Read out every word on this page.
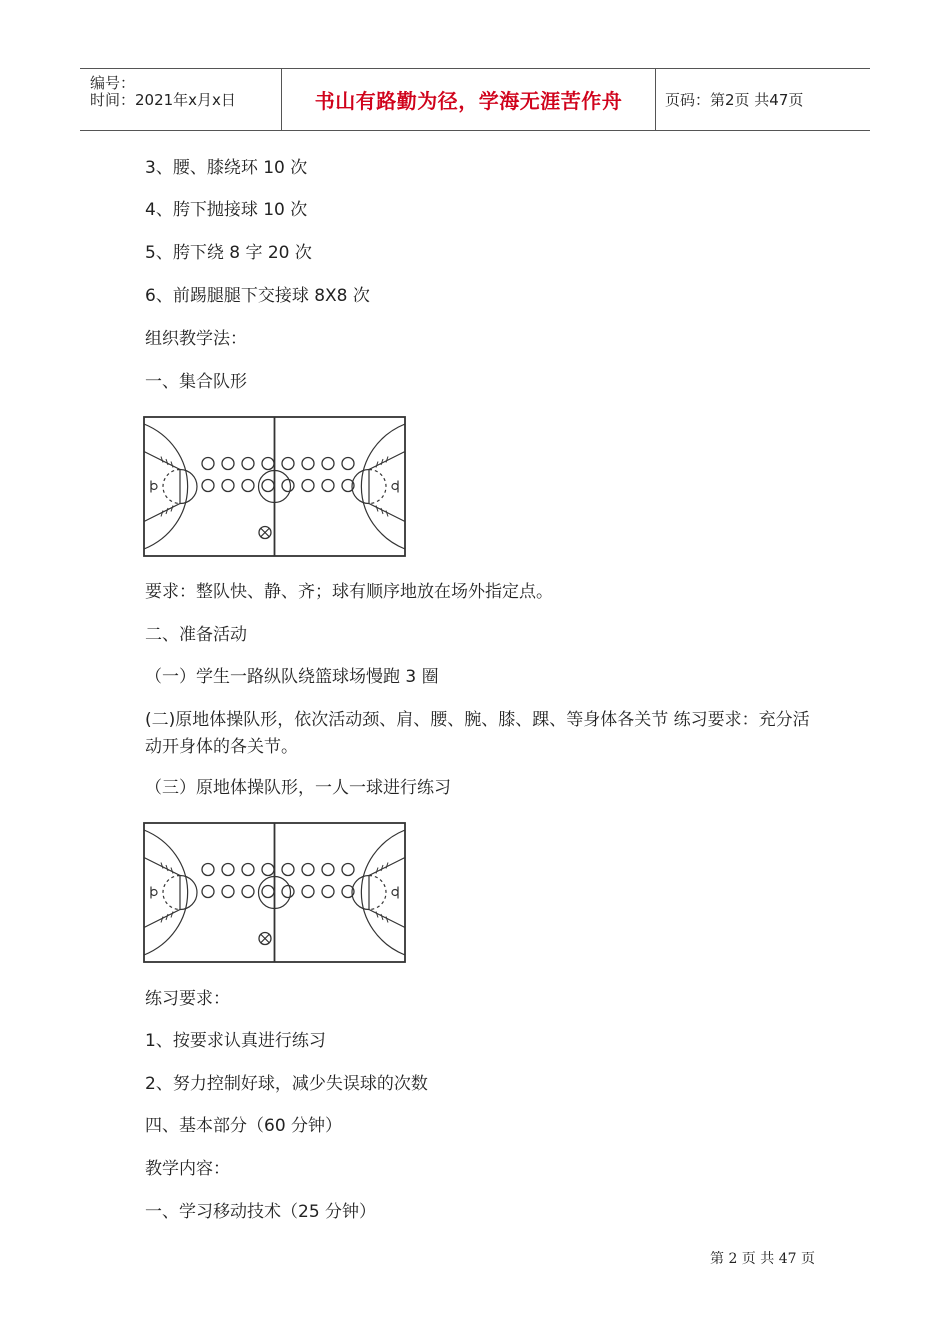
编号：
时间：2021年x月x日	书山有路勤为径，学海无涯苦作舟	页码：第2页 共47页
3、腰、膝绕环 10 次
4、胯下抛接球 10 次
5、胯下绕 8 字 20 次
6、前踢腿腿下交接球 8X8 次
组织教学法：
一、集合队形
要求：整队快、静、齐；球有顺序地放在场外指定点。
二、准备活动
（一）学生一路纵队绕篮球场慢跑 3 圈
(二)原地体操队形，依次活动颈、肩、腰、腕、膝、踝、等身体各关节 练习要求：充分活动开身体的各关节。
（三）原地体操队形，一人一球进行练习
练习要求：
1、按要求认真进行练习
2、努力控制好球，减少失误球的次数
四、基本部分（60 分钟）
教学内容：
一、学习移动技术（25 分钟）
第 2 页 共 47 页
